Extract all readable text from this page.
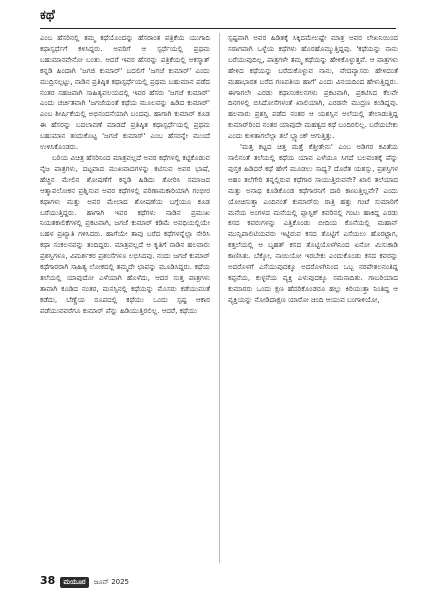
ಕಥೆ

ಎಂಬ ಹೆಸರಿನಲ್ಲಿ ತಮ್ಮ ಕಥೆಯೊಂದನ್ನು ಹೆಸರಾಂತ ಪತ್ರಿಕೆಯ ಯುಗಾದಿ ಕಥಾಸ್ಪರ್ಧೆಗೆ ಕಳಿಸಿದ್ದರು. ಅವರಿಗೆ ಆ ಸ್ಪರ್ಧೆಯಲ್ಲಿ ಪ್ರಥಮ ಬಹುಮಾನವೇನೋ ಬಂತು. ಆದರೆ ಇವರ ಹೆಸರನ್ನು ಪತ್ರಿಕೆಯಲ್ಲಿ ಅಕಸ್ಮಾತ್ ಕನ್ನಡಿ ಹಿಂದಾಗಿ 'ಜಗಜಿ ಕುಮಾರ್' ಬದಲಿಗೆ 'ಜಗಜೆ ಕುಮಾರ್' ಎಂದು ಮುದ್ರಿಸಲ್ಪಟ್ಟು, ನಾಡಿನ ಪ್ರತಿಷ್ಠಿತ ಕಥಾಸ್ಪರ್ಧೆಯಲ್ಲಿ ಪ್ರಥಮ ಬಹುಮಾನ ಪಡೆದ ನಂತರ ಸಹಜವಾಗಿ ಸಾಹಿತ್ಯವಲಯದಲ್ಲಿ ಇವರ ಹೆಸರು 'ಜಗಜೆ ಕುಮಾರ್' ಎಂದು ಚರ್ಚಿತವಾಗಿ 'ಜಗಜೆಯಂತೆ ಕಥೆಯ ಮೂಲವನ್ನು ಹಿಡಿದ ಕುಮಾರ್' ಎಂಬ ಶೀರ್ಷಿಕೆಯಲ್ಲಿ ಅಭಿನಂದನೆಯಾಗಿ ಬಂದವು. ಹಾಗಾಗಿ ಕುಮಾರ್ ಕೂಡ ಈ ಹೆಸರನ್ನು ಬದಲಾವಣೆ ಮಾಡದೆ ಪ್ರತಿಷ್ಠಿತ ಕಥಾಸ್ಪರ್ಧೆಯಲ್ಲಿ ಪ್ರಥಮ ಬಹುಮಾನ ತಂದುಕೊಟ್ಟ 'ಜಗಜೆ ಕುಮಾರ್' ಎಂಬ ಹೆಸರನ್ನೇ ಮುಂದೆ ಉಳಿಸಿಕೊಂಡರು.

ಬರಿಯ ವಿಚಿತ್ರ ಹೆಸರಿನಿಂದ ಮಾತ್ರವಲ್ಲದೆ ಅವರ ಕಥೆಗಳಲ್ಲಿ ಕಟ್ಟಿಕೊಡುವ ನೈಜ ಪಾತ್ರಗಳು, ದಟ್ಟವಾದ ಮುಖವಾದಗಳನ್ನು ಕಟಿಸುವ ಅವರ ಭಾಷೆ, ಹೆಚ್ಚಿನ ಮೇಲಿನ ಶೋಷಣೆಗೆ ಕನ್ನಡಿ ಹಿಡಿದು ತೋರಿಸಿ ಸಮಾಜದ ಆತ್ಮಾವಲೋಕನ ಪ್ರಶ್ನಿಸುವ ಅವರ ಕಥೆಗಳಲ್ಲಿ ಪರಿಣಾಮಕಾರಿಯಾಗಿ ಗಂಭೀರ ಕಥಾಗಳು ಮತ್ತು ಅವರ ಮೇಲಾದ ಶೋಷಣೆಯ ಬಗ್ಗೆಯೂ ಕೂಡ ಬರೆಯುತ್ತಿದ್ದರು. ಹಾಗಾಗಿ ಇವರ ಕಥೆಗಳು ನಾಡಿನ ಪ್ರಮುಖ ನಿಯತಕಾಲಿಕೆಗಳಲ್ಲಿ ಪ್ರಕಟವಾಗಿ, ಜಗಜೆ ಕುಮಾರ್ ಕಡಿಮೆ ಅವಧಿಯಲ್ಲಿಯೇ ಬಹಳ ಪ್ರಖ್ಯಾತಿ ಗಳಿಸಿದರು. ಹಾಗೆಯೇ ತಾವು ಬರೆದ ಕಥೆಗಳನ್ನೆಲ್ಲಾ ಸೇರಿಸಿ ಕಥಾ ಸಂಕಲನವನ್ನು ತಂದಿದ್ದರು. ಮಾತ್ರವಲ್ಲದೆ ಆ ಕೃತಿಗೆ ನಾಡಿನ ಹಲವಾರು ಪ್ರಶಸ್ತಿಗಳೂ, ವಿಮರ್ಶಕರ ಪ್ರಶಂಸೆಗಳೂ ಲಭಿಸಿದವು. ನಂದು ಜಗಜೆ ಕುಮಾರ್ ಕಥೆಗಾರರಾಗಿ ಸಾಹಿತ್ಯ ಲೋಕದಲ್ಲಿ ತಮ್ಮದೇ ಛಾಪನ್ನು ಮೂಡಿಸಿದ್ದರು. ಕಥೆಯ ತಲೆಯಲ್ಲಿ ಯಾವುದೋ ಎಳೆಯಾಗಿ ಹೊಳೆದು, ಆದರ ಸುತ್ತ ಪಾತ್ರಗಳು ತಾವಾಗಿ ಕೂಡಿದ ನಂತರ, ಮನಸ್ಸಿನಲ್ಲಿ ಕಥೆಯನ್ನು ಮೊಸರು ಕಡೆಯುವಂತೆ ಕಡೆದು, ಬೆಣ್ಣೆಯ ರೂಪದಲ್ಲಿ ಕಥೆಯು ಒಂದು ಸ್ಪಷ್ಟ ಆಕಾರ ಪಡೆಯುವವರೆಗೂ ಕುಮಾರ್ ಪೆನ್ನು ಹಿಡಿಯುತ್ತಿರಲಿಲ್ಲ. ಆದರೆ, ಕಥೆಯು

ಸ್ಪಷ್ಟವಾಗಿ ಅವರ ಹಿಡಿತಕ್ಕೆ ಸಿಕ್ಕಿದಮೇಲಷ್ಟೇ ಮಾತ್ರ ಅವರ ಲೇಖನಿಯಿಂದ ಸರಾಗವಾಗಿ ಒಳ್ಳೆಯ ಕಥೆಗಳು ಹೊರಹೊಮ್ಮುತ್ತಿದ್ದವು. 'ಕಥೆಯನ್ನು ನಾನು ಬರೆಯುವುದಿಲ್ಲ, ಪಾತ್ರಗಳೇ ತಮ್ಮ ಕಥೆಯನ್ನು ಹೇಳಿಕೊಳ್ಳುತ್ತವೆ. ಆ ಪಾತ್ರಗಳು ಹೇಳಿದ ಕಥೆಯನ್ನು ಬರೆದುಕೊಳ್ಳುವ ನಾನು, ವೇದವ್ಯಾಸರು ಹೇಳಿದಂತೆ ಮಹಾಭಾರತ ಬರೆದ ಗಣಪತಿಯ ಹಾಗೆ' ಎಂದು ವಿನಯದಿಂದ ಹೇಳುತ್ತಿದ್ದರು. ಈಗಾಗಲೇ ಎರಡು ಕಥಾಸಂಕಲನಗಳು ಪ್ರಕಟವಾಗಿ, ಪ್ರಕಟಿಸಿದ ಕೆಲವೇ ದಿನಗಳಲ್ಲಿ ಬಿಸಿದೋಸೆಗಳಂತೆ ಖಾಲಿಯಾಗಿ, ಎರಡನೇ ಮುದ್ರಣ ಕಂಡಿದ್ದವು. ಹಲವಾರು ಪ್ರಶಸ್ತಿ ಪಡೆದ ನಂತರ ಆ ಯಶಸ್ಸಿನ ಅಲೆಯಲ್ಲಿ ತೇಲಾಡುತ್ತಿದ್ದ ಕುಮಾರ್‌ರಿಂದ ನಂತರ ಯಾವುದೇ ಮಹತ್ವದ ಕಥೆ ಬಂದಿರಲಿಲ್ಲ. ಬರೆಯಬೇಕು ಎಂದು ಕುಳಿತಾಗಲೆಲ್ಲಾ ತಲೆ ಬ್ಲ್ಯಾಂಕ್ ಆಗುತ್ತಿತ್ತು.

'ಮತ್ತ ಕಟ್ಟದ ಚಿತ್ತ ಮತ್ತೆ ಕೆತ್ತೀತೇನು' ಎಂಬ ಅಡಿಗರ ಕವಿತೆಯ ಸಾಲಿನಂತೆ ತಲೆಯಲ್ಲಿ ಕಥೆಯ ಯಾವ ಎಳೆಯೂ ಸಿಗದೆ ಬಲವಂತಕ್ಕೆ ಪೆನ್ನು ಪುಸ್ತಕ ಹಿಡಿದರೆ ಕಥೆ ಹೇಗೆ ಮೂಡಲು ಸಾಧ್ಯ? ದೊರೆತ ಯಶಸ್ಸು, ಪ್ರಶಸ್ತಿಗಳ ಅಹಂ ತಲೆಗೇರಿ ತನ್ನಲ್ಲಿರುವ ಕಥೆಗಾರ ಸಾಯುತ್ತಿರುವನೇ? ಖಾಲಿ ತಲೆಯಾದ ಮತ್ತು ಅನಾಥ ಕೂಡಿಕೊಂಡ ಕಥೆಗಾರನಿಗೆ ದಾರಿ ಕಾಣುತ್ತಿಲ್ಲವೇ? ಎಂದು ಯೋಚಿಸುತ್ತಾ ಎಂದಿನಂತೆ ಕುಮಾರ್‌ರು ರಾತ್ರಿ ಹತ್ತು ಗಂಟೆ ಸುಮಾರಿಗೆ ಮನೆಯ ಅಂಗಳದ ಮನೆಯಲ್ಲಿ ಪ್ಲಾಸ್ಟಿಕ್ ಕವರಿನಲ್ಲಿ ಗಂಟು ಹಾಕಿದ್ದ ಎರಡು ಕಸದ ಕವರುಗಳನ್ನು ಎತ್ತಿಕೊಂಡು ಬೀದಿಯ ಕೊನೆಯಲ್ಲಿ ಮಹಾನ್ ಮುನ್ಸಿಪಾಲಿಟಿಯವರು ಇಟ್ಟಿರುವ ಕಸದ ತೊಟ್ಟಿಗೆ ಎಸೆಯಲು ಹೊರಟ್ಟಾಗ, ಕತ್ತಲೆಯಲ್ಲಿ ಆ ಬೃಹತ್ ಕಸದ ತೊಟ್ಟಿಯೊಳಗಿನಿಂದ ಏನೋ ಮಿಸುಕಾಡಿ ಕಾಣಿಸಿತು. ಬೆಕ್ಕೋ, ನಾಯಿಯೋ ಇರಬೇಕು ಎಂದುಕೊಂಡು ಕಸದ ಕವರನ್ನು ಅದರೊಳಗೆ ಎಸೆಯುವುದಕ್ಕೂ ಅದರೊಳಗಿನಿಂದ ಒಬ್ಬ ನರಪೇತಲನಂತಿದ್ದ ಕಪ್ಪನೆಯ, ಕುಳ್ಳನೆಯ ವ್ಯಕ್ತಿ ಎಳುವುದಕ್ಕೂ ಸಮನಾದಿತು. ಗಾಬರಿಯಾದ ಕುಮಾರರು ಒಂದು ಕ್ಷಣ ಹೆದರಿಕೊಂಡರೂ ಹಲ್ಲು ಕಿರಿಯುತ್ತಾ ನಿಂತಿದ್ದ ಆ ವ್ಯಕ್ತಿಯನ್ನು ನೋಡಿದಾಕ್ಷಣ ಯಾರೋ ಚಿಂದಿ ಆಯುವ ಬಂಗಾಳಿಯೋ,

38	ಮಯೂರ	ಜೂನ್ 2025
